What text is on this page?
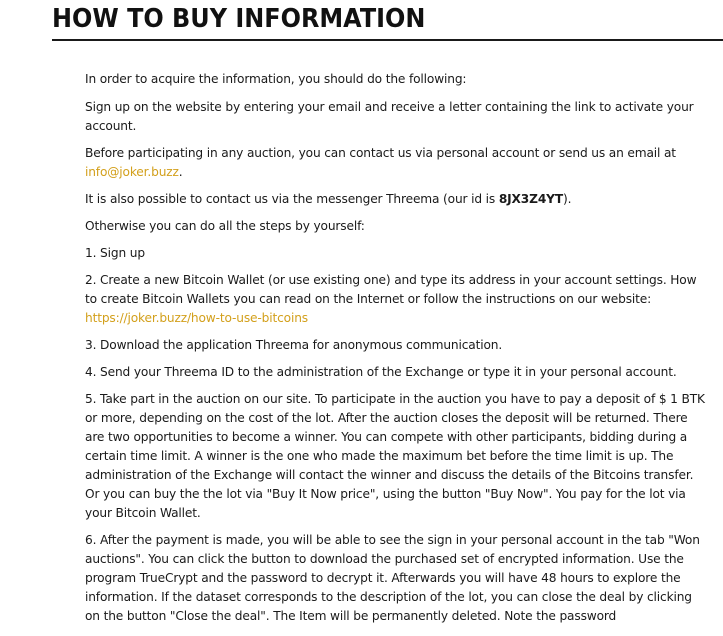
HOW TO BUY INFORMATION

In order to acquire the information, you should do the following:

Sign up on the website by entering your email and receive a letter containing the link to activate your account.

Before participating in any auction, you can contact us via personal account or send us an email at
info@joker.buzz.

It is also possible to contact us via the messenger Threema (our id is 8JX3Z4YT).

Otherwise you can do all the steps by yourself:

1. Sign up

2. Create a new Bitcoin Wallet (or use existing one) and type its address in your account settings. How to create Bitcoin Wallets you can read on the Internet or follow the instructions on our website:
https://joker.buzz/how-to-use-bitcoins

3. Download the application Threema for anonymous communication.

4. Send your Threema ID to the administration of the Exchange or type it in your personal account.

5. Take part in the auction on our site. To participate in the auction you have to pay a deposit of $ 1 BTK or more, depending on the cost of the lot. After the auction closes the deposit will be returned. There are two opportunities to become a winner. You can compete with other participants, bidding during a certain time limit. A winner is the one who made the maximum bet before the time limit is up. The administration of the Exchange will contact the winner and discuss the details of the Bitcoins transfer. Or you can buy the the lot via "Buy It Now price", using the button "Buy Now". You pay for the lot via your Bitcoin Wallet.

6. After the payment is made, you will be able to see the sign in your personal account in the tab "Won auctions". You can click the button to download the purchased set of encrypted information. Use the program TrueCrypt and the password to decrypt it. Afterwards you will have 48 hours to explore the information. If the dataset corresponds to the description of the lot, you can close the deal by clicking on the button "Close the deal". The Item will be permanently deleted. Note the password
